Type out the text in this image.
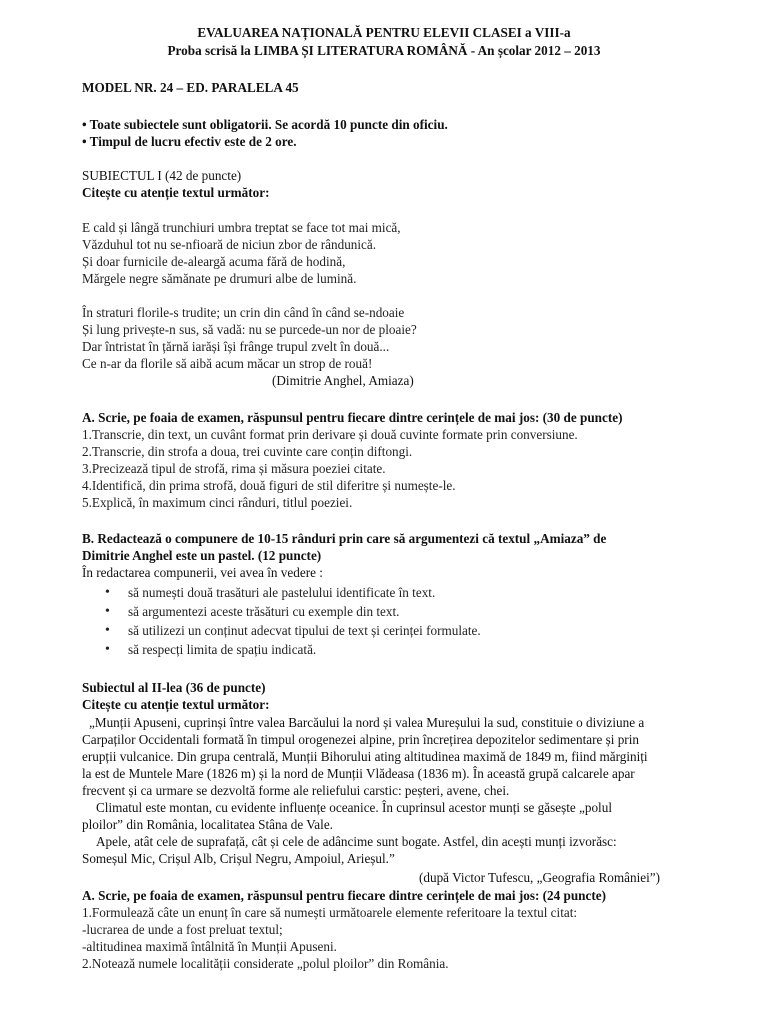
EVALUAREA NAȚIONALĂ PENTRU ELEVII CLASEI a VIII-a
Proba scrisă la LIMBA ȘI LITERATURA ROMÂNĂ - An școlar 2012 – 2013
MODEL NR. 24 – ED. PARALELA 45
• Toate subiectele sunt obligatorii. Se acordă 10 puncte din oficiu.
• Timpul de lucru efectiv este de 2 ore.
SUBIECTUL I (42 de puncte)
Citește cu atenție textul următor:
E cald și lângă trunchiuri umbra treptat se face tot mai mică,
Văzduhul tot nu se-nfioară de niciun zbor de rândunică.
Și doar furnicile de-aleargă acuma fără de hodină,
Mărgele negre sămănate pe drumuri albe de lumină.
În straturi florile-s trudite; un crin din când în când se-ndoaie
Și lung privește-n sus, să vadă: nu se purcede-un nor de ploaie?
Dar întristat în țărnă iarăși își frânge trupul zvelt în două...
Ce n-ar da florile să aibă acum măcar un strop de rouă!
(Dimitrie Anghel, Amiaza)
A. Scrie, pe foaia de examen, răspunsul pentru fiecare dintre cerințele de mai jos: (30 de puncte)
1.Transcrie, din text, un cuvânt format prin derivare și două cuvinte formate prin conversiune.
2.Transcrie, din strofa a doua, trei cuvinte care conțin diftongi.
3.Precizează tipul de strofă, rima și măsura poeziei citate.
4.Identifică, din prima strofă, două figuri de stil diferitre și numește-le.
5.Explică, în maximum cinci rânduri, titlul poeziei.
B. Redactează o compunere de 10-15 rânduri prin care să argumentezi că textul „Amiaza” de
Dimitrie Anghel este un pastel. (12 puncte)
În redactarea compunerii, vei avea în vedere :
• să numești două trasături ale pastelului identificate în text.
• să argumentezi aceste trăsături cu exemple din text.
• să utilizezi un conținut adecvat tipului de text și cerinței formulate.
• să respecți limita de spațiu indicată.
Subiectul al II-lea (36 de puncte)
Citește cu atenție textul următor:
„Munții Apuseni, cuprinși între valea Barcăului la nord și valea Mureșului la sud, constituie o diviziune a
Carpaților Occidentali formată în timpul orogenezei alpine, prin încrețirea depozitelor sedimentare și prin
erupții vulcanice. Din grupa centrală, Munții Bihorului ating altitudinea maximă de 1849 m, fiind mărginiți
la est de Muntele Mare (1826 m) și la nord de Munții Vlădeasa (1836 m). În această grupă calcarele apar
frecvent și ca urmare se dezvoltă forme ale reliefului carstic: peșteri, avene, chei.
Climatul este montan, cu evidente influențe oceanice. În cuprinsul acestor munți se găsește „polul
ploilor” din România, localitatea Stâna de Vale.
Apele, atât cele de suprafață, cât și cele de adâncime sunt bogate. Astfel, din acești munți izvorăsc:
Someșul Mic, Crișul Alb, Crișul Negru, Ampoiul, Arieșul.”
(după Victor Tufescu, „Geografia României”)
A. Scrie, pe foaia de examen, răspunsul pentru fiecare dintre cerințele de mai jos: (24 puncte)
1.Formulează câte un enunț în care să numești următoarele elemente referitoare la textul citat:
-lucrarea de unde a fost preluat textul;
-altitudinea maximă întâlnită în Munții Apuseni.
2.Notează numele localității considerate „polul ploilor” din România.
